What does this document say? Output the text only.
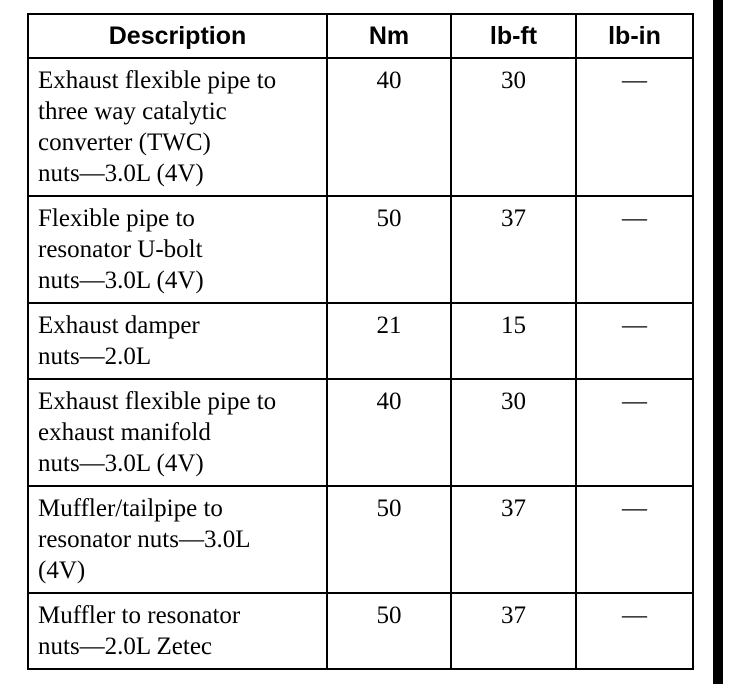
Description	Nm	lb-ft	lb-in

Exhaust flexible pipe to
three way catalytic
converter (TWC)
nuts—3.0L (4V)	40	30	—

Flexible pipe to
resonator U-bolt
nuts—3.0L (4V)	50	37	—

Exhaust damper
nuts—2.0L	21	15	—

Exhaust flexible pipe to
exhaust manifold
nuts—3.0L (4V)	40	30	—

Muffler/tailpipe to
resonator nuts—3.0L
(4V)	50	37	—

Muffler to resonator
nuts—2.0L Zetec	50	37	—
